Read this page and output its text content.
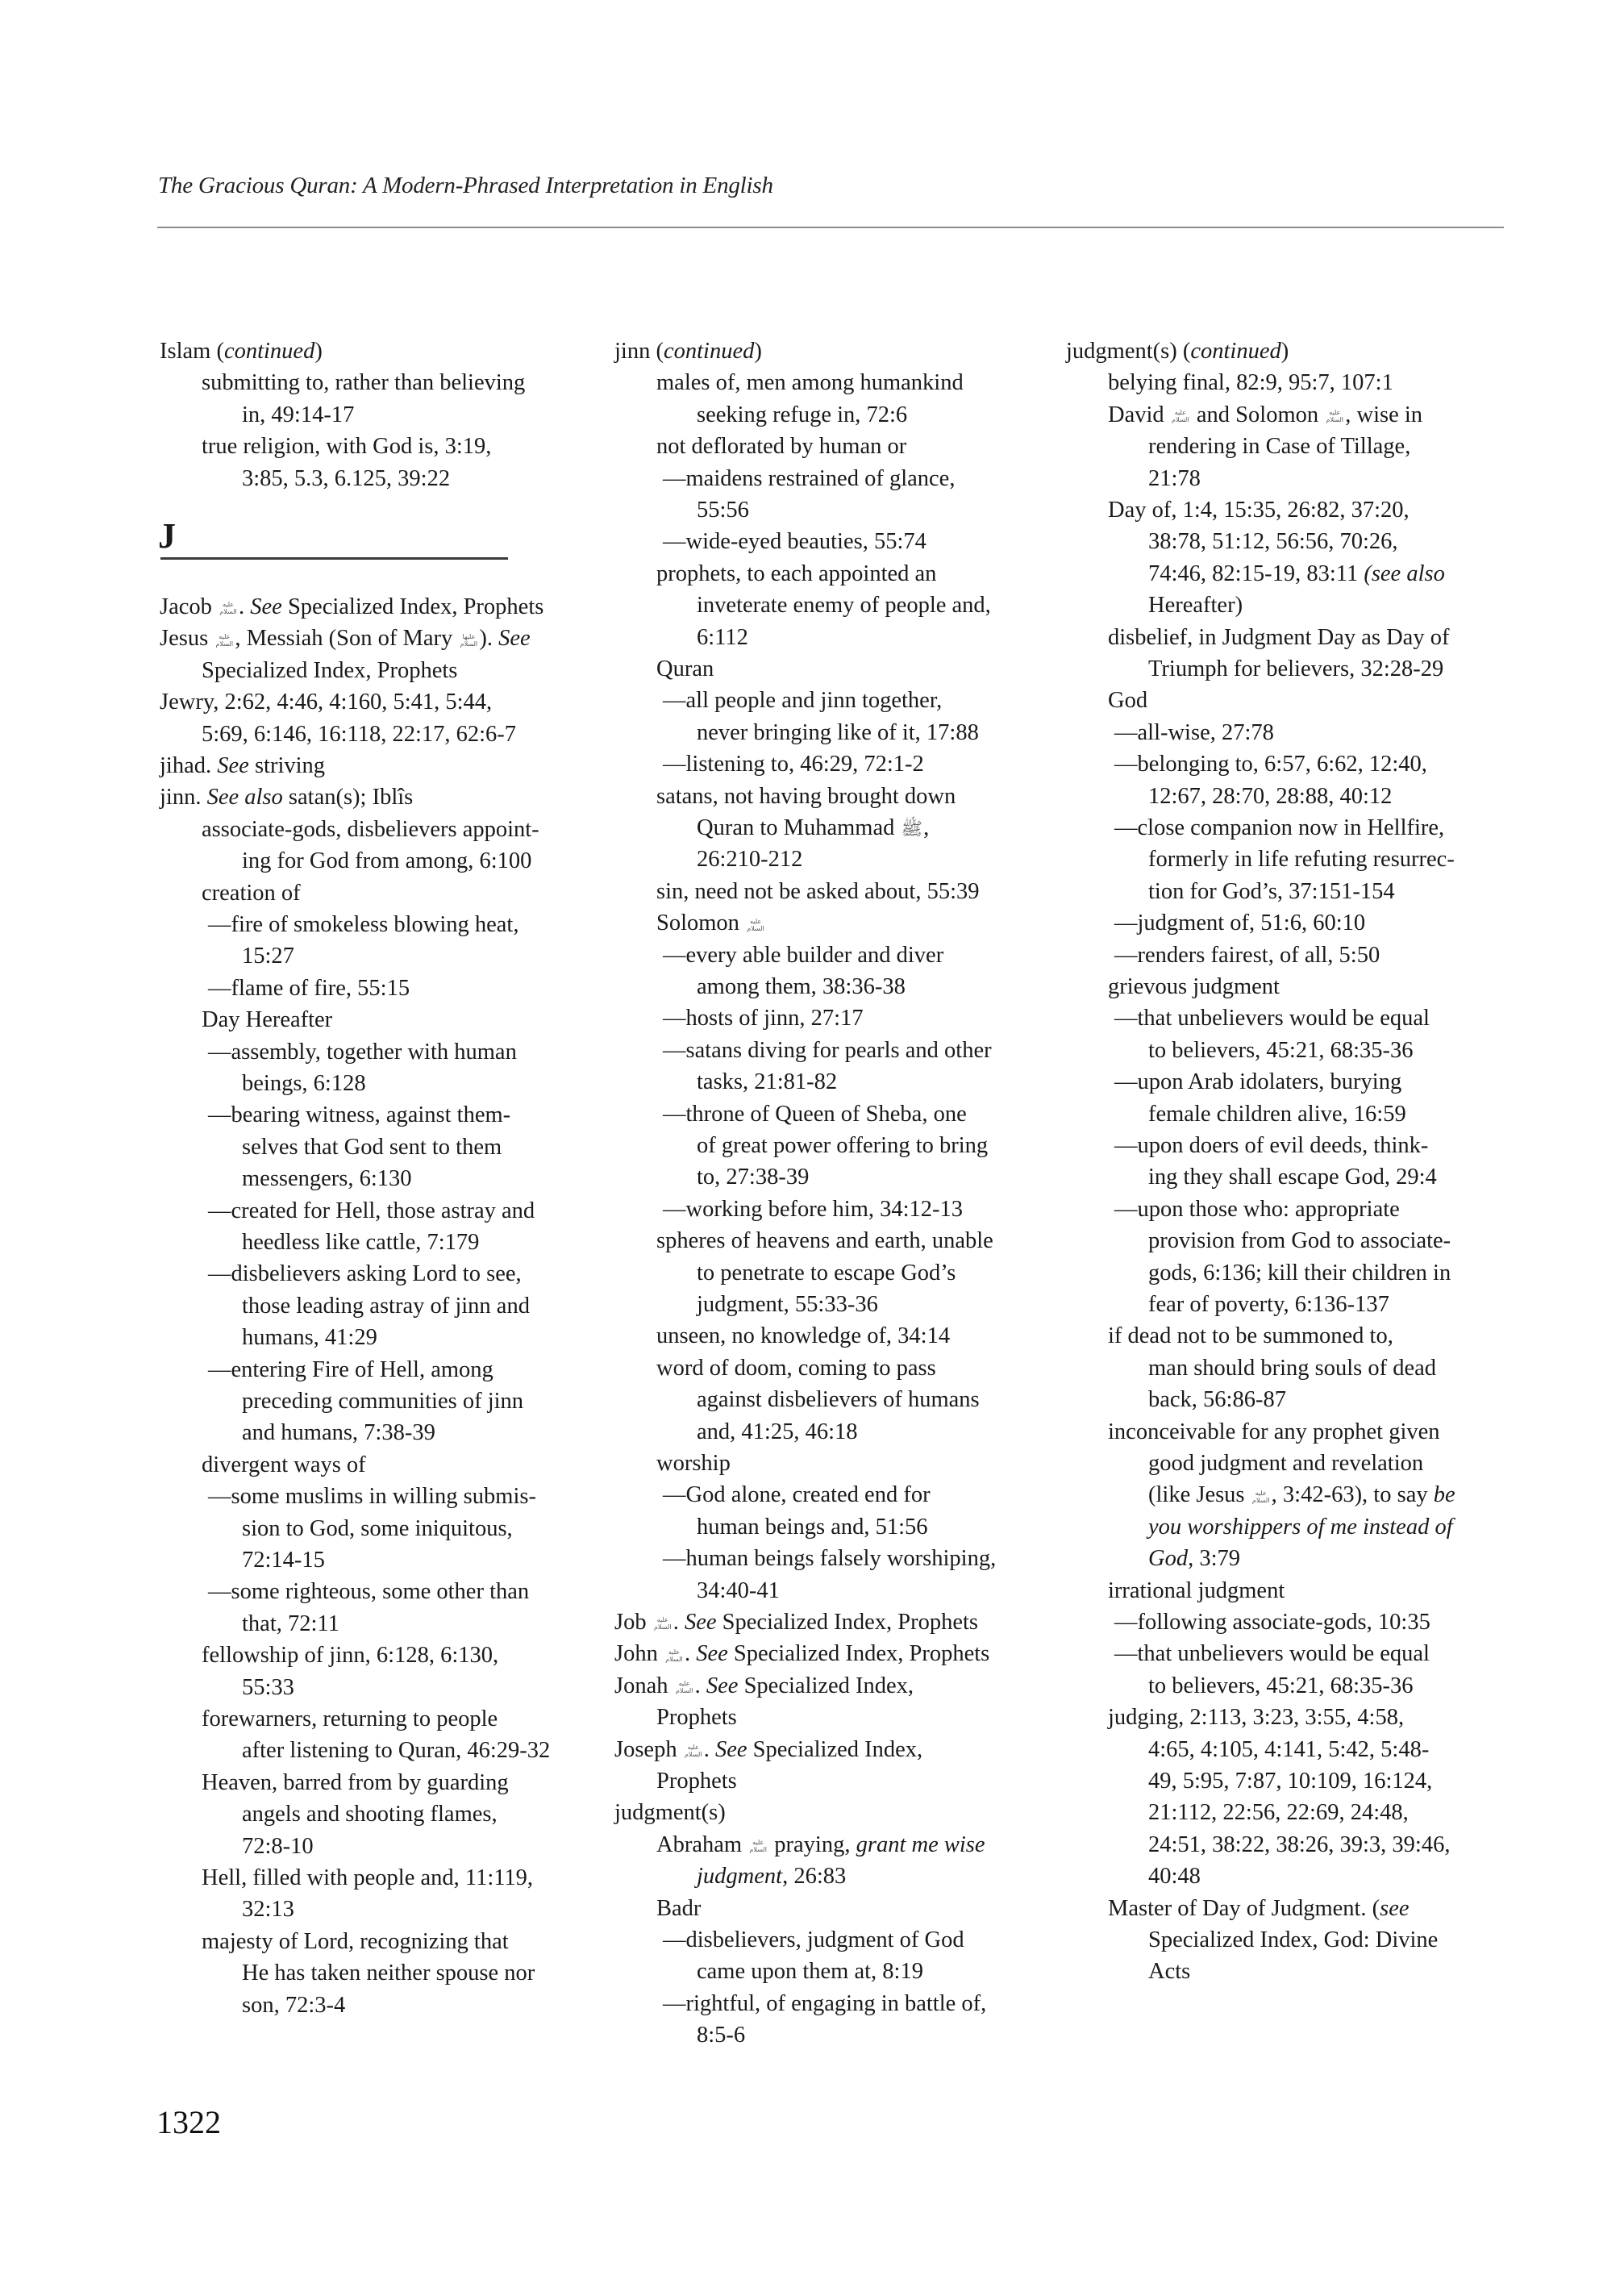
The Gracious Quran: A Modern-Phrased Interpretation in English
J
Islam (continued)
submitting to, rather than believing
in, 49:14-17
true religion, with God is, 3:19,
3:85, 5.3, 6.125, 39:22
Jacob عليه
السلام . See Specialized Index, Prophets
Jesus عليه
السلام , Messiah (Son of Mary عليها
السلام ). See
Specialized Index, Prophets
Jewry, 2:62, 4:46, 4:160, 5:41, 5:44,
5:69, 6:146, 16:118, 22:17, 62:6-7
jihad. See striving
jinn. See also satan(s); Iblîs
associate-gods, disbelievers appoint-
ing for God from among, 6:100
creation of
—fire of smokeless blowing heat,
15:27
—flame of fire, 55:15
Day Hereafter
—assembly, together with human
beings, 6:128
—bearing witness, against them-
selves that God sent to them
messengers, 6:130
—created for Hell, those astray and
heedless like cattle, 7:179
—disbelievers asking Lord to see,
those leading astray of jinn and
humans, 41:29
—entering Fire of Hell, among
preceding communities of jinn
and humans, 7:38-39
divergent ways of
—some muslims in willing submis-
sion to God, some iniquitous,
72:14-15
—some righteous, some other than
that, 72:11
fellowship of jinn, 6:128, 6:130,
55:33
forewarners, returning to people
after listening to Quran, 46:29-32
Heaven, barred from by guarding
angels and shooting flames,
72:8-10
Hell, filled with people and, 11:119,
32:13
majesty of Lord, recognizing that
He has taken neither spouse nor
son, 72:3-4
jinn (continued)
males of, men among humankind
seeking refuge in, 72:6
not deflorated by human or
—maidens restrained of glance,
55:56
—wide-eyed beauties, 55:74
prophets, to each appointed an
inveterate enemy of people and,
6:112
Quran
—all people and jinn together,
never bringing like of it, 17:88
—listening to, 46:29, 72:1-2
satans, not having brought down
Quran to Muhammad ﷺ,
26:210-212
sin, need not be asked about, 55:39
Solomon عليه
السلام
—every able builder and diver
among them, 38:36-38
—hosts of jinn, 27:17
—satans diving for pearls and other
tasks, 21:81-82
—throne of Queen of Sheba, one
of great power offering to bring
to, 27:38-39
—working before him, 34:12-13
spheres of heavens and earth, unable
to penetrate to escape God’s
judgment, 55:33-36
unseen, no knowledge of, 34:14
word of doom, coming to pass
against disbelievers of humans
and, 41:25, 46:18
worship
—God alone, created end for
human beings and, 51:56
—human beings falsely worshiping,
34:40-41
Job عليه
السلام . See Specialized Index, Prophets
John عليه
السلام . See Specialized Index, Prophets
Jonah عليه
السلام . See Specialized Index,
Prophets
Joseph عليه
السلام . See Specialized Index,
Prophets
judgment(s)
Abraham عليه
السلام praying, grant me wise
judgment, 26:83
Badr
—disbelievers, judgment of God
came upon them at, 8:19
—rightful, of engaging in battle of,
8:5-6
judgment(s) (continued)
belying final, 82:9, 95:7, 107:1
David عليه
السلام and Solomon عليه
السلام , wise in
rendering in Case of Tillage,
21:78
Day of, 1:4, 15:35, 26:82, 37:20,
38:78, 51:12, 56:56, 70:26,
74:46, 82:15-19, 83:11 (see also
Hereafter)
disbelief, in Judgment Day as Day of
Triumph for believers, 32:28-29
God
—all-wise, 27:78
—belonging to, 6:57, 6:62, 12:40,
12:67, 28:70, 28:88, 40:12
—close companion now in Hellfire,
formerly in life refuting resurrec-
tion for God’s, 37:151-154
—judgment of, 51:6, 60:10
—renders fairest, of all, 5:50
grievous judgment
—that unbelievers would be equal
to believers, 45:21, 68:35-36
—upon Arab idolaters, burying
female children alive, 16:59
—upon doers of evil deeds, think-
ing they shall escape God, 29:4
—upon those who: appropriate
provision from God to associate-
gods, 6:136; kill their children in
fear of poverty, 6:136-137
if dead not to be summoned to,
man should bring souls of dead
back, 56:86-87
inconceivable for any prophet given
good judgment and revelation
(like Jesus عليه
السلام , 3:42-63), to say be
you worshippers of me instead of
God, 3:79
irrational judgment
—following associate-gods, 10:35
—that unbelievers would be equal
to believers, 45:21, 68:35-36
judging, 2:113, 3:23, 3:55, 4:58,
4:65, 4:105, 4:141, 5:42, 5:48-
49, 5:95, 7:87, 10:109, 16:124,
21:112, 22:56, 22:69, 24:48,
24:51, 38:22, 38:26, 39:3, 39:46,
40:48
Master of Day of Judgment. (see
Specialized Index, God: Divine
Acts
1322
